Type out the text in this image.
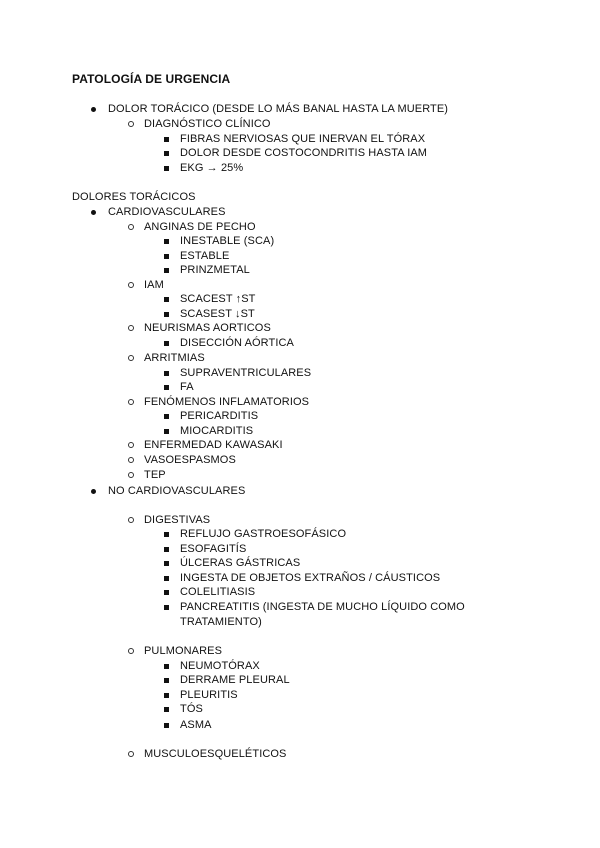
PATOLOGÍA DE URGENCIA
DOLOR TORÁCICO (DESDE LO MÁS BANAL HASTA LA MUERTE)
DIAGNÓSTICO CLÍNICO
FIBRAS NERVIOSAS QUE INERVAN EL TÓRAX
DOLOR DESDE COSTOCONDRITIS HASTA IAM
EKG → 25%
DOLORES TORÁCICOS
CARDIOVASCULARES
ANGINAS DE PECHO
INESTABLE (SCA)
ESTABLE
PRINZMETAL
IAM
SCACEST ↑ST
SCASEST ↓ST
NEURISMAS AORTICOS
DISECCIÓN AÓRTICA
ARRITMIAS
SUPRAVENTRICULARES
FA
FENÓMENOS INFLAMATORIOS
PERICARDITIS
MIOCARDITIS
ENFERMEDAD KAWASAKI
VASOESPASMOS
TEP
NO CARDIOVASCULARES
DIGESTIVAS
REFLUJO GASTROESOFÁSICO
ESOFAGITÍS
ÚLCERAS GÁSTRICAS
INGESTA DE OBJETOS EXTRAÑOS / CÁUSTICOS
COLELITIASIS
PANCREATITIS (INGESTA DE MUCHO LÍQUIDO COMO
TRATAMIENTO)
PULMONARES
NEUMOTÓRAX
DERRAME PLEURAL
PLEURITIS
TÓS
ASMA
MUSCULOESQUELÉTICOS
